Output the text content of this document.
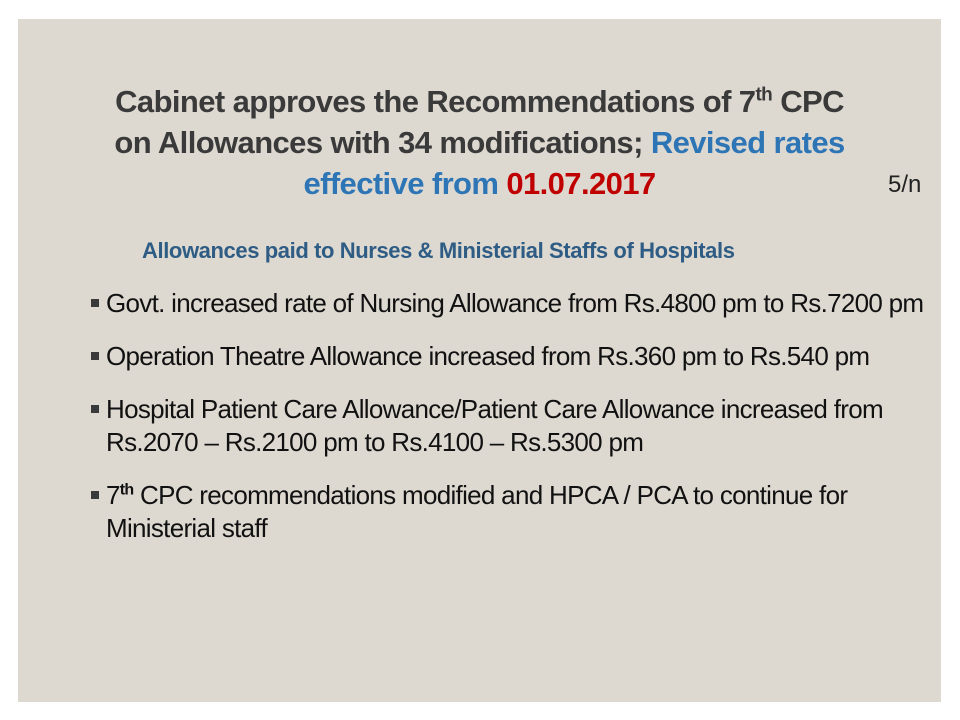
Cabinet approves the Recommendations of 7th CPC
on Allowances with 34 modifications; Revised rates
effective from 01.07.2017	5/n
Allowances paid to Nurses & Ministerial Staffs of Hospitals
Govt. increased rate of Nursing Allowance from Rs.4800 pm to Rs.7200 pm
Operation Theatre Allowance increased from Rs.360 pm to Rs.540 pm
Hospital Patient Care Allowance/Patient Care Allowance increased from Rs.2070 – Rs.2100 pm to Rs.4100 – Rs.5300 pm
7th CPC recommendations modified and HPCA / PCA to continue for Ministerial staff
